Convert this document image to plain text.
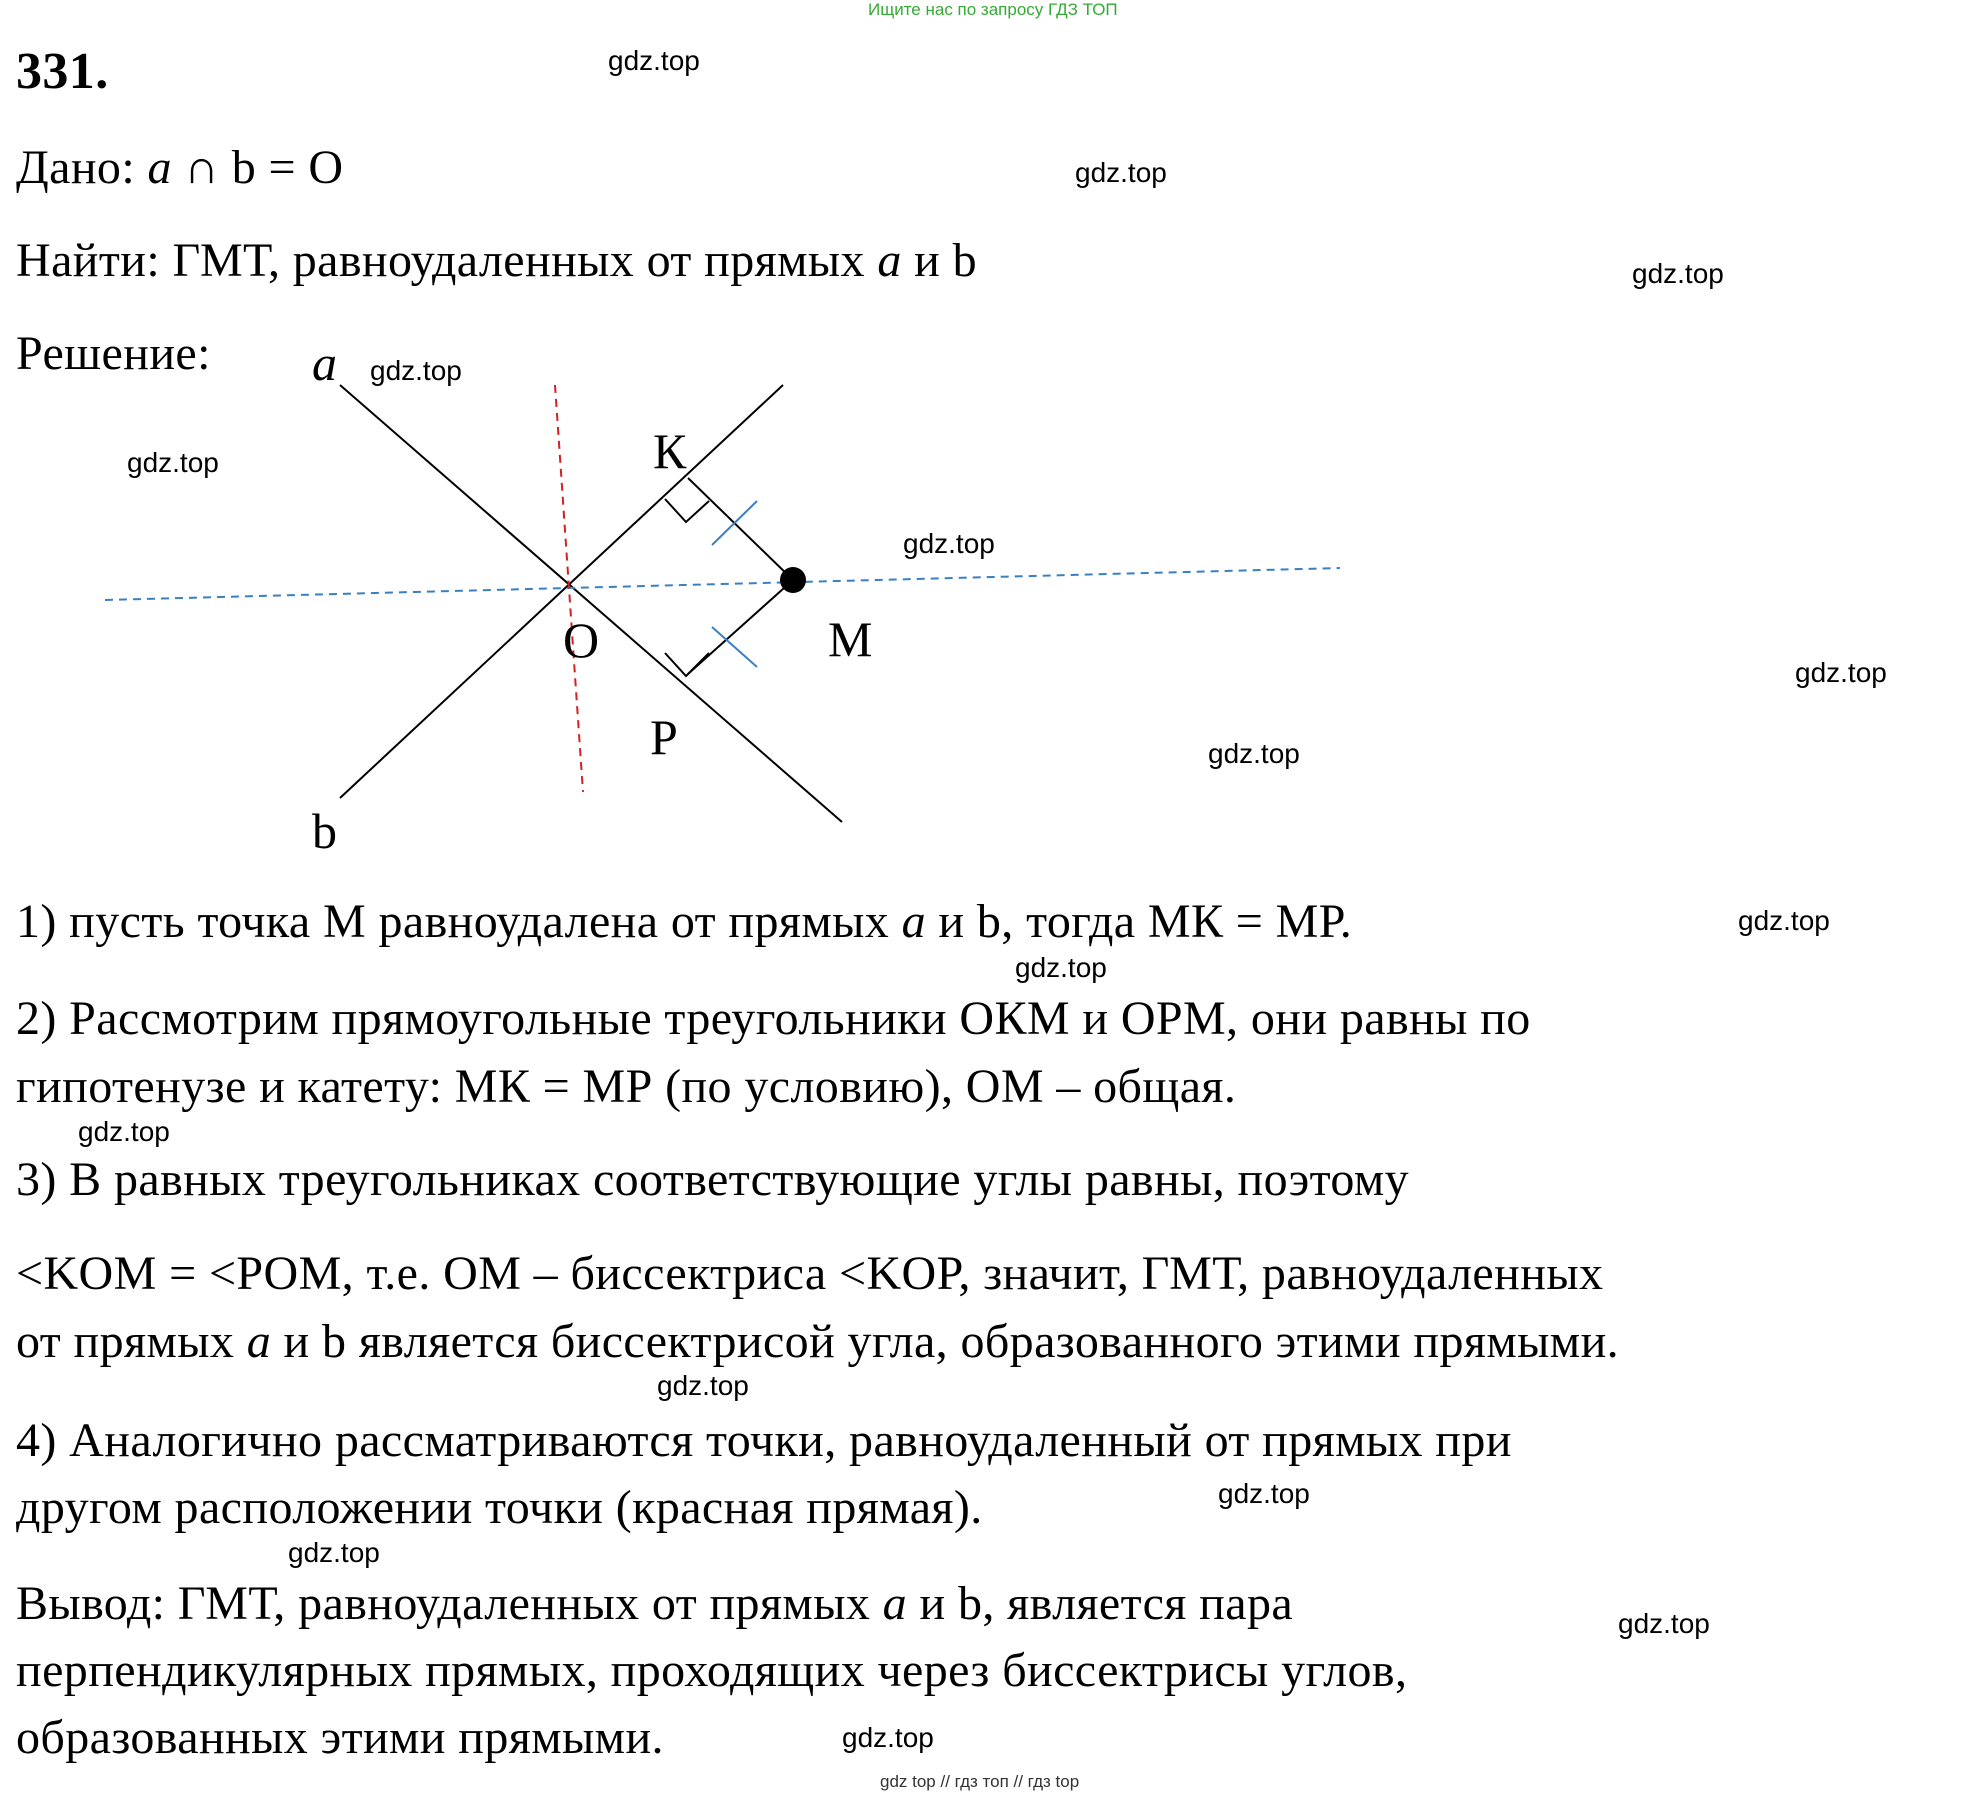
Ищите нас по запросу ГДЗ ТОП
331.
Дано: a ∩ b = O
Найти: ГМТ, равноудаленных от прямых a и b
Решение: a
b
К
О	М
Р
1) пусть точка М равноудалена от прямых a и b, тогда МК = МР.
2) Рассмотрим прямоугольные треугольники ОКМ и ОРМ, они равны по
гипотенузе и катету: МК = МР (по условию), ОМ – общая.
3) В равных треугольниках соответствующие углы равны, поэтому
<KOM = <POM, т.е. OM – биссектриса <KOP, значит, ГМТ, равноудаленных
от прямых a и b является биссектрисой угла, образованного этими прямыми.
4) Аналогично рассматриваются точки, равноудаленный от прямых при
другом расположении точки (красная прямая).
Вывод: ГМТ, равноудаленных от прямых a и b, является пара
перпендикулярных прямых, проходящих через биссектрисы углов,
образованных этими прямыми.
gdz.top
gdz.top
gdz.top
gdz.top
gdz.top
gdz.top
gdz.top
gdz.top
gdz.top
gdz.top
gdz.top
gdz.top
gdz.top
gdz.top
gdz.top
gdz.top
gdz top // гдз топ // гдз top
